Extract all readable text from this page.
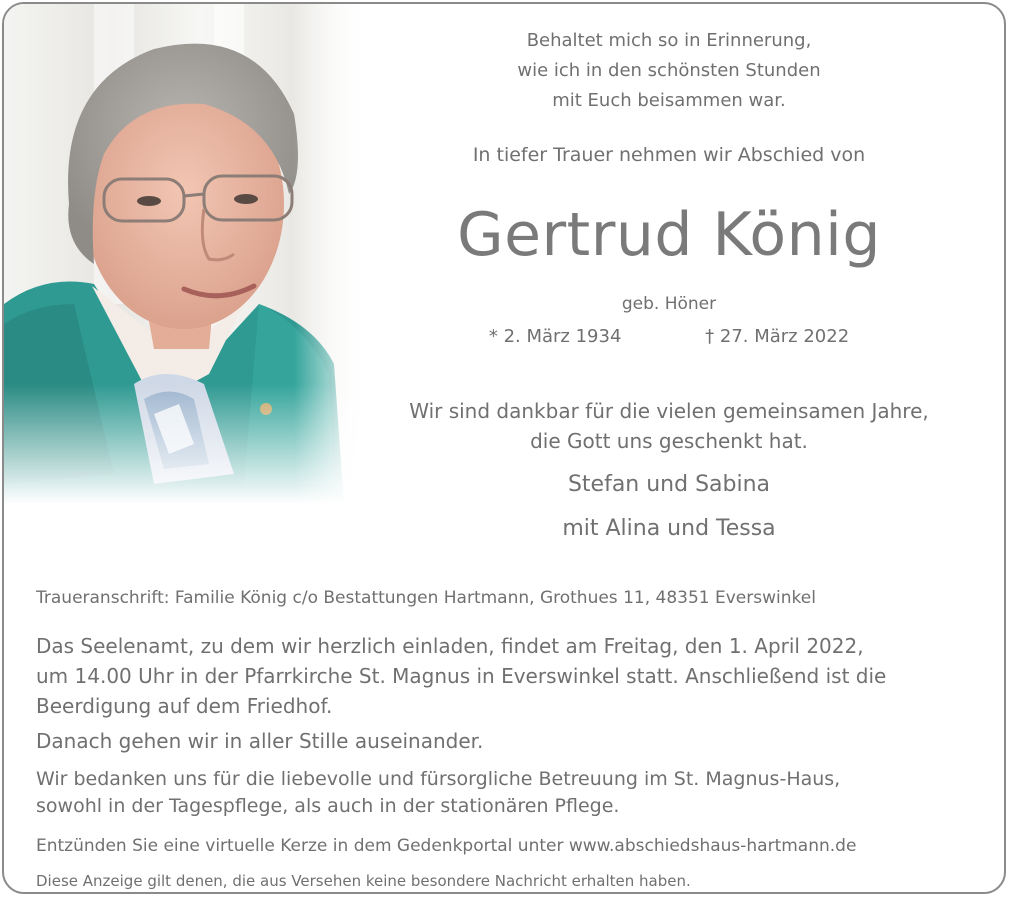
Behaltet mich so in Erinnerung,
wie ich in den schönsten Stunden
mit Euch beisammen war.
In tiefer Trauer nehmen wir Abschied von
Gertrud König
geb. Höner
* 2. März 1934	† 27. März 2022
Wir sind dankbar für die vielen gemeinsamen Jahre,
die Gott uns geschenkt hat.
Stefan und Sabina
mit Alina und Tessa
Traueranschrift: Familie König c/o Bestattungen Hartmann, Grothues 11, 48351 Everswinkel
Das Seelenamt, zu dem wir herzlich einladen, findet am Freitag, den 1. April 2022,
um 14.00 Uhr in der Pfarrkirche St. Magnus in Everswinkel statt. Anschließend ist die
Beerdigung auf dem Friedhof.
Danach gehen wir in aller Stille auseinander.
Wir bedanken uns für die liebevolle und fürsorgliche Betreuung im St. Magnus-Haus,
sowohl in der Tagespflege, als auch in der stationären Pflege.
Entzünden Sie eine virtuelle Kerze in dem Gedenkportal unter www.abschiedshaus-hartmann.de
Diese Anzeige gilt denen, die aus Versehen keine besondere Nachricht erhalten haben.
